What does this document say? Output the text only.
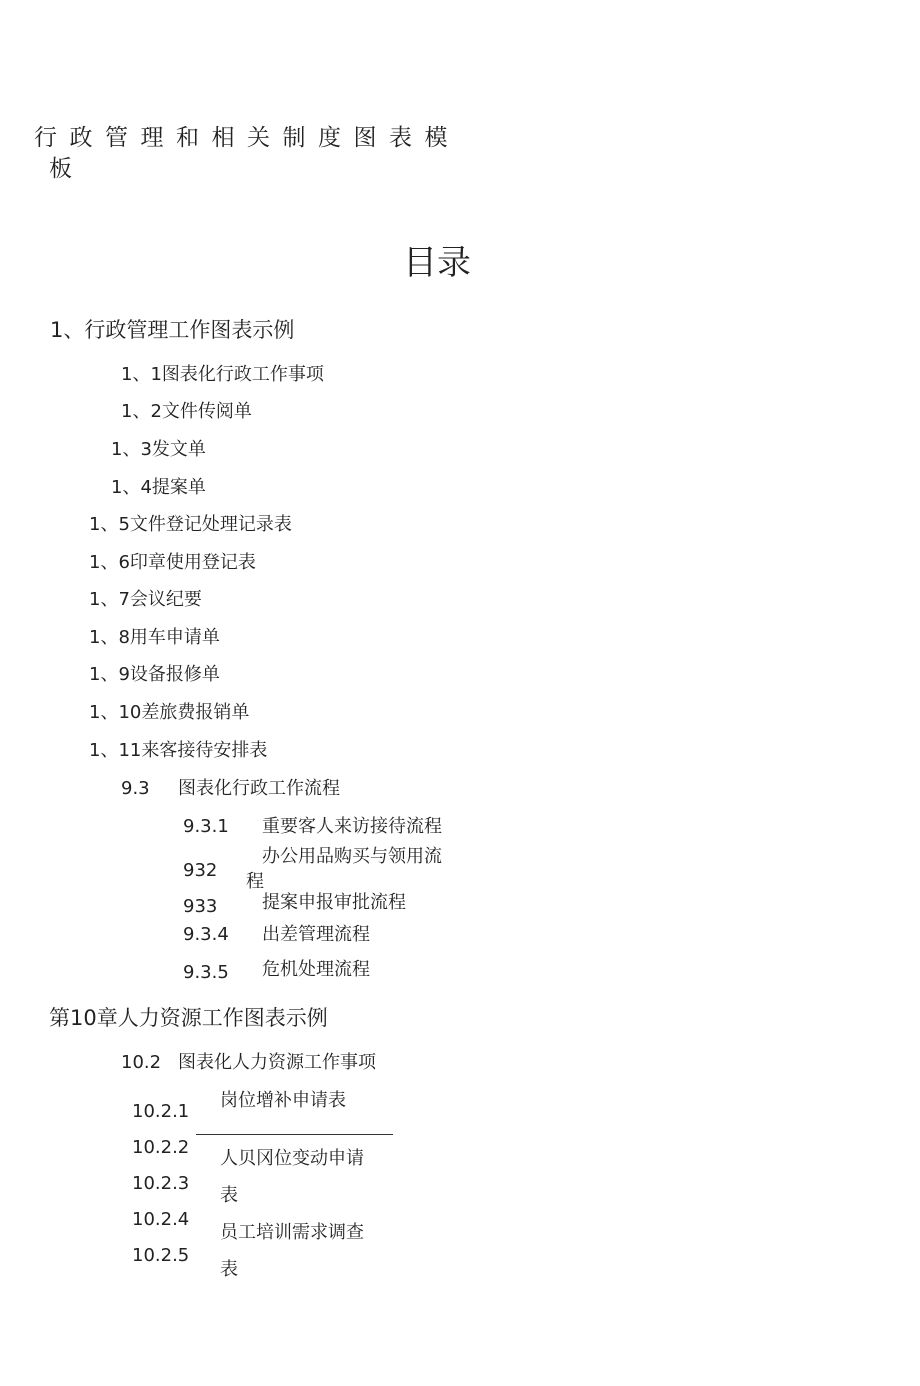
行政管理和相关制度图表模
板
目录
1、行政管理工作图表示例
1、1图表化行政工作事项
1、2文件传阅单
1、3发文单
1、4提案单
1、5文件登记处理记录表
1、6印章使用登记表
1、7会议纪要
1、8用车申请单
1、9设备报修单
1、10差旅费报销单
1、11来客接待安排表
9.3 图表化行政工作流程
9.3.1 重要客人来访接待流程
932
办公用品购买与领用流
程
933 提案申报审批流程
9.3.4 出差管理流程
9.3.5 危机处理流程
第10章人力资源工作图表示例
10.2 图表化人力资源工作事项
10.2.1
10.2.2
10.2.3
10.2.4
10.2.5
岗位增补申请表
人贝冈位变动申请
表
员工培训需求调查
表
